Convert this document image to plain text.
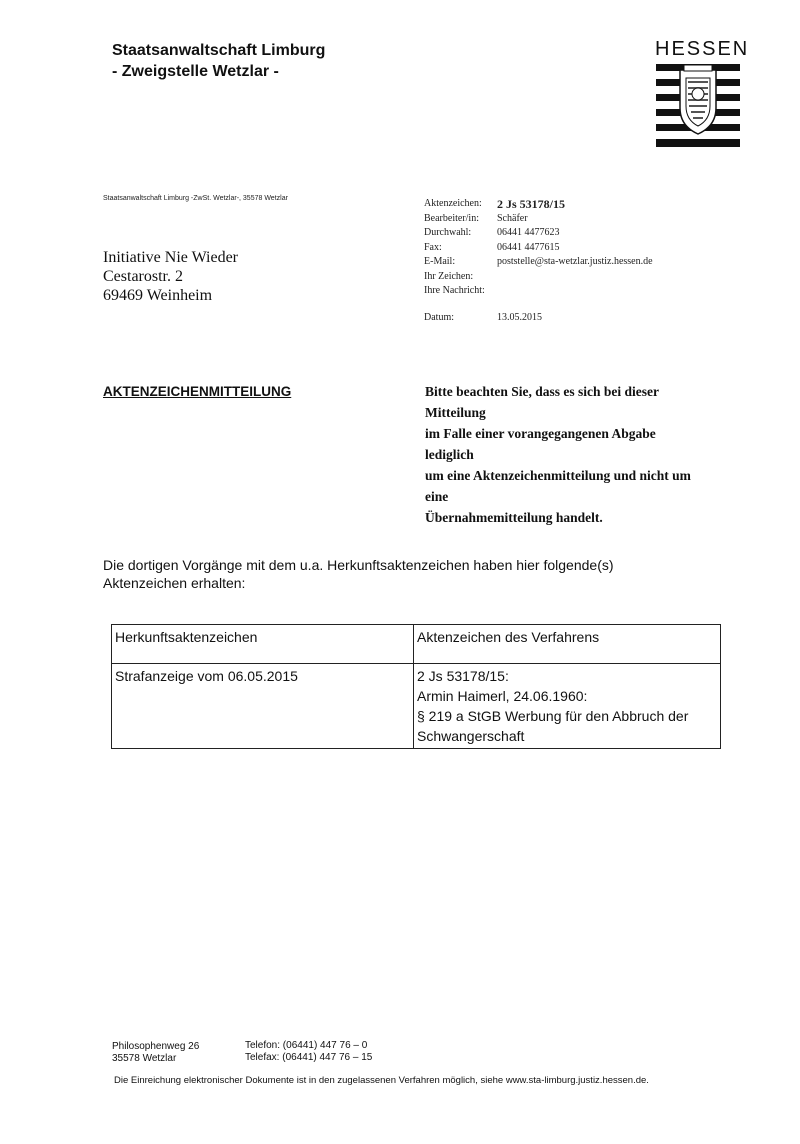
Staatsanwaltschaft Limburg
- Zweigstelle Wetzlar -
HESSEN
Staatsanwaltschaft Limburg -ZwSt. Wetzlar-, 35578 Wetzlar
Initiative Nie Wieder
Cestarostr. 2
69469 Weinheim
Aktenzeichen:	2 Js 53178/15
Bearbeiter/in:	Schäfer
Durchwahl:	06441 4477623
Fax:	06441 4477615
E-Mail:	poststelle@sta-wetzlar.justiz.hessen.de
Ihr Zeichen:
Ihre Nachricht:
Datum:	13.05.2015
AKTENZEICHENMITTEILUNG	Bitte beachten Sie, dass es sich bei dieser
Mitteilung
im Falle einer vorangegangenen Abgabe
lediglich
um eine Aktenzeichenmitteilung und nicht um
eine
Übernahmemitteilung handelt.
Die dortigen Vorgänge mit dem u.a. Herkunftsaktenzeichen haben hier folgende(s)
Aktenzeichen erhalten:
Herkunftsaktenzeichen	Aktenzeichen des Verfahrens
Strafanzeige vom 06.05.2015	2 Js 53178/15:
Armin Haimerl, 24.06.1960:
§ 219 a StGB Werbung für den Abbruch der
Schwangerschaft
Philosophenweg 26
35578 Wetzlar
Telefon: (06441) 447 76 – 0
Telefax: (06441) 447 76 – 15
Die Einreichung elektronischer Dokumente ist in den zugelassenen Verfahren möglich, siehe www.sta-limburg.justiz.hessen.de.
